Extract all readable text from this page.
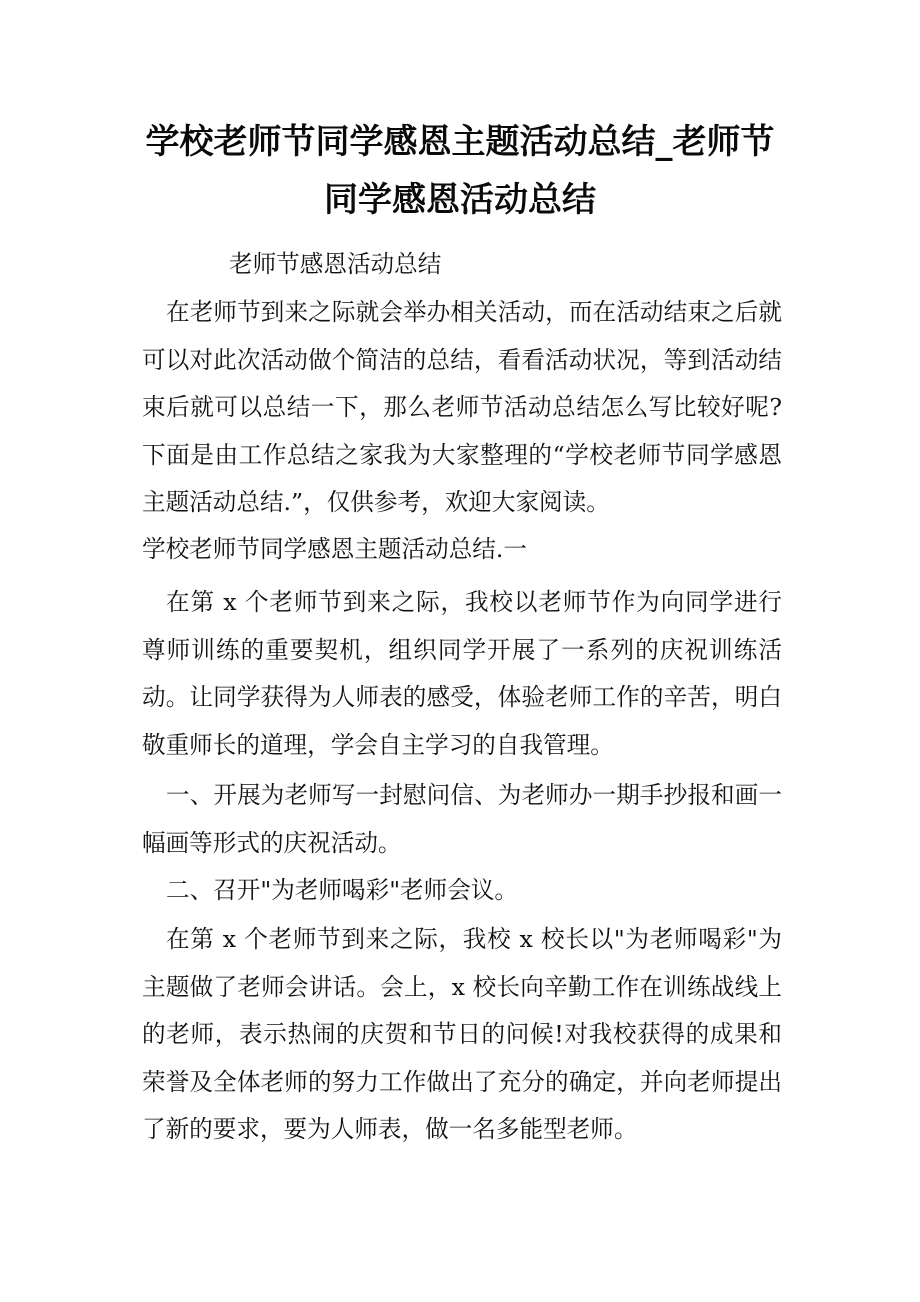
学校老师节同学感恩主题活动总结_老师节
同学感恩活动总结
老师节感恩活动总结

在老师节到来之际就会举办相关活动，而在活动结束之后就可以对此次活动做个简洁的总结，看看活动状况，等到活动结束后就可以总结一下，那么老师节活动总结怎么写比较好呢?下面是由工作总结之家我为大家整理的“学校老师节同学感恩主题活动总结.”，仅供参考，欢迎大家阅读。

学校老师节同学感恩主题活动总结.一

在第 x 个老师节到来之际，我校以老师节作为向同学进行尊师训练的重要契机，组织同学开展了一系列的庆祝训练活动。让同学获得为人师表的感受，体验老师工作的辛苦，明白敬重师长的道理，学会自主学习的自我管理。

一、开展为老师写一封慰问信、为老师办一期手抄报和画一幅画等形式的庆祝活动。

二、召开"为老师喝彩"老师会议。

在第 x 个老师节到来之际，我校 x 校长以"为老师喝彩"为主题做了老师会讲话。会上，x 校长向辛勤工作在训练战线上的老师，表示热闹的庆贺和节日的问候!对我校获得的成果和荣誉及全体老师的努力工作做出了充分的确定，并向老师提出了新的要求，要为人师表，做一名多能型老师。
